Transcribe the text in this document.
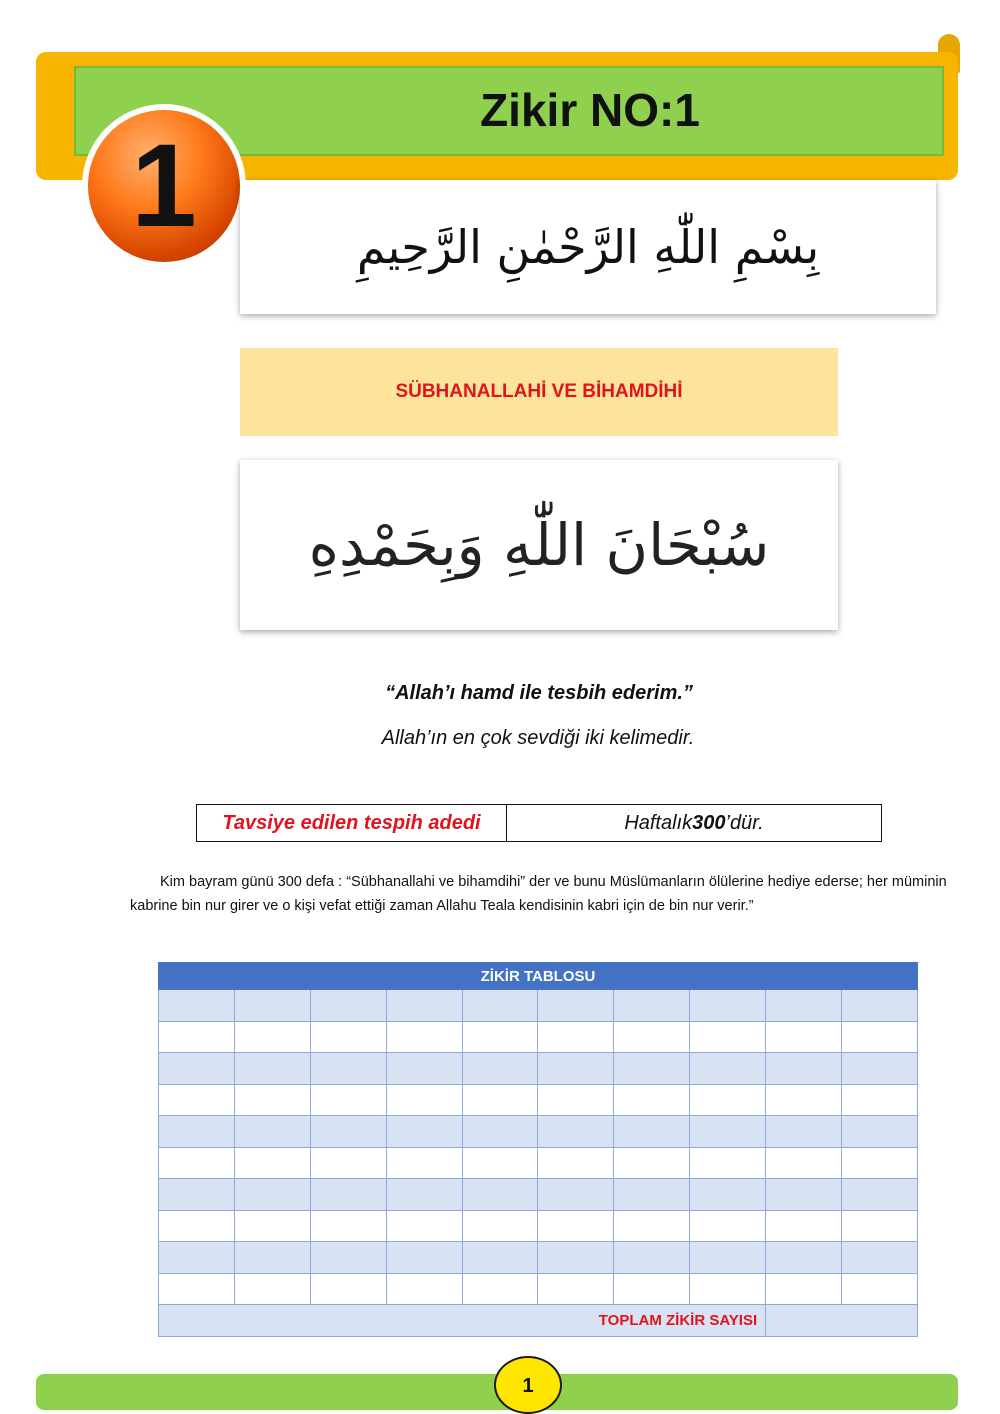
Zikir NO:1
1	بِسْمِ اللّٰهِ الرَّحْمٰنِ الرَّحِيمِ
SÜBHANALLAHİ VE BİHAMDİHİ
سُبْحَانَ اللّٰهِ وَبِحَمْدِهِ
“Allah’ı hamd ile tesbih ederim.”
Allah’ın en çok sevdiği iki kelimedir.
Tavsiye edilen tespih adedi	Haftalık 300 ’dür.
Kim bayram günü 300 defa : “Sübhanallahi ve bihamdihi” der ve bunu Müslümanların ölülerine hediye ederse; her müminin kabrine bin nur girer ve o kişi vefat ettiği zaman Allahu Teala kendisinin kabri için de bin nur verir.”
ZİKİR TABLOSU									

TOPLAM ZİKİR SAYISI									
1
